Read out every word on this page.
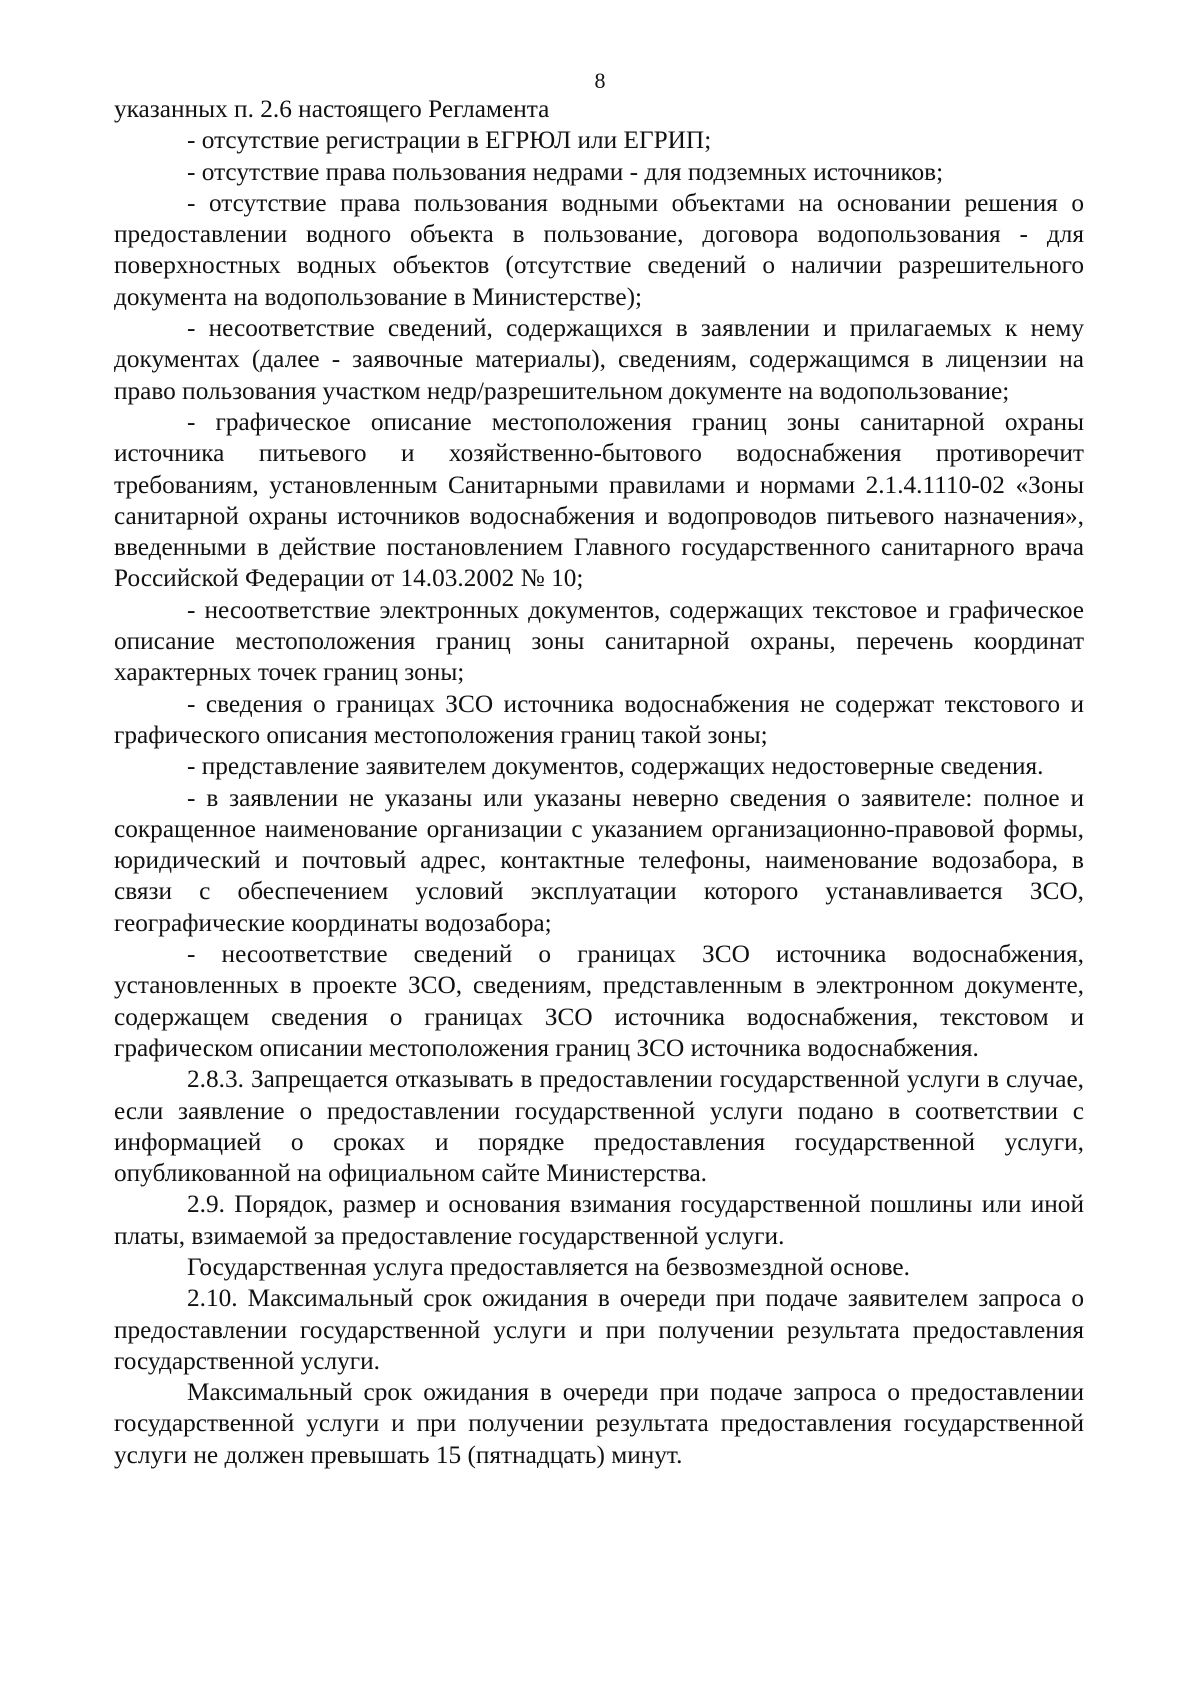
8

указанных п. 2.6 настоящего Регламента

- отсутствие регистрации в ЕГРЮЛ или ЕГРИП;

- отсутствие права пользования недрами - для подземных источников;

- отсутствие права пользования водными объектами на основании решения о предоставлении водного объекта в пользование, договора водопользования - для поверхностных водных объектов (отсутствие сведений о наличии разрешительного документа на водопользование в Министерстве);

- несоответствие сведений, содержащихся в заявлении и прилагаемых к нему документах (далее - заявочные материалы), сведениям, содержащимся в лицензии на право пользования участком недр/разрешительном документе на водопользование;

- графическое описание местоположения границ зоны санитарной охраны источника питьевого и хозяйственно-бытового водоснабжения противоречит требованиям, установленным Санитарными правилами и нормами 2.1.4.1110-02 «Зоны санитарной охраны источников водоснабжения и водопроводов питьевого назначения», введенными в действие постановлением Главного государственного санитарного врача Российской Федерации от 14.03.2002 № 10;

- несоответствие электронных документов, содержащих текстовое и графическое описание местоположения границ зоны санитарной охраны, перечень координат характерных точек границ зоны;

- сведения о границах ЗСО источника водоснабжения не содержат текстового и графического описания местоположения границ такой зоны;

- представление заявителем документов, содержащих недостоверные сведения.

- в заявлении не указаны или указаны неверно сведения о заявителе: полное и сокращенное наименование организации с указанием организационно-правовой формы, юридический и почтовый адрес, контактные телефоны, наименование водозабора, в связи с обеспечением условий эксплуатации которого устанавливается ЗСО, географические координаты водозабора;

- несоответствие сведений о границах ЗСО источника водоснабжения, установленных в проекте ЗСО, сведениям, представленным в электронном документе, содержащем сведения о границах ЗСО источника водоснабжения, текстовом и графическом описании местоположения границ ЗСО источника водоснабжения.

2.8.3. Запрещается отказывать в предоставлении государственной услуги в случае, если заявление о предоставлении государственной услуги подано в соответствии с информацией о сроках и порядке предоставления государственной услуги, опубликованной на официальном сайте Министерства.

2.9. Порядок, размер и основания взимания государственной пошлины или иной платы, взимаемой за предоставление государственной услуги.

Государственная услуга предоставляется на безвозмездной основе.

2.10. Максимальный срок ожидания в очереди при подаче заявителем запроса о предоставлении государственной услуги и при получении результата предоставления государственной услуги.

Максимальный срок ожидания в очереди при подаче запроса о предоставлении государственной услуги и при получении результата предоставления государственной услуги не должен превышать 15 (пятнадцать) минут.
